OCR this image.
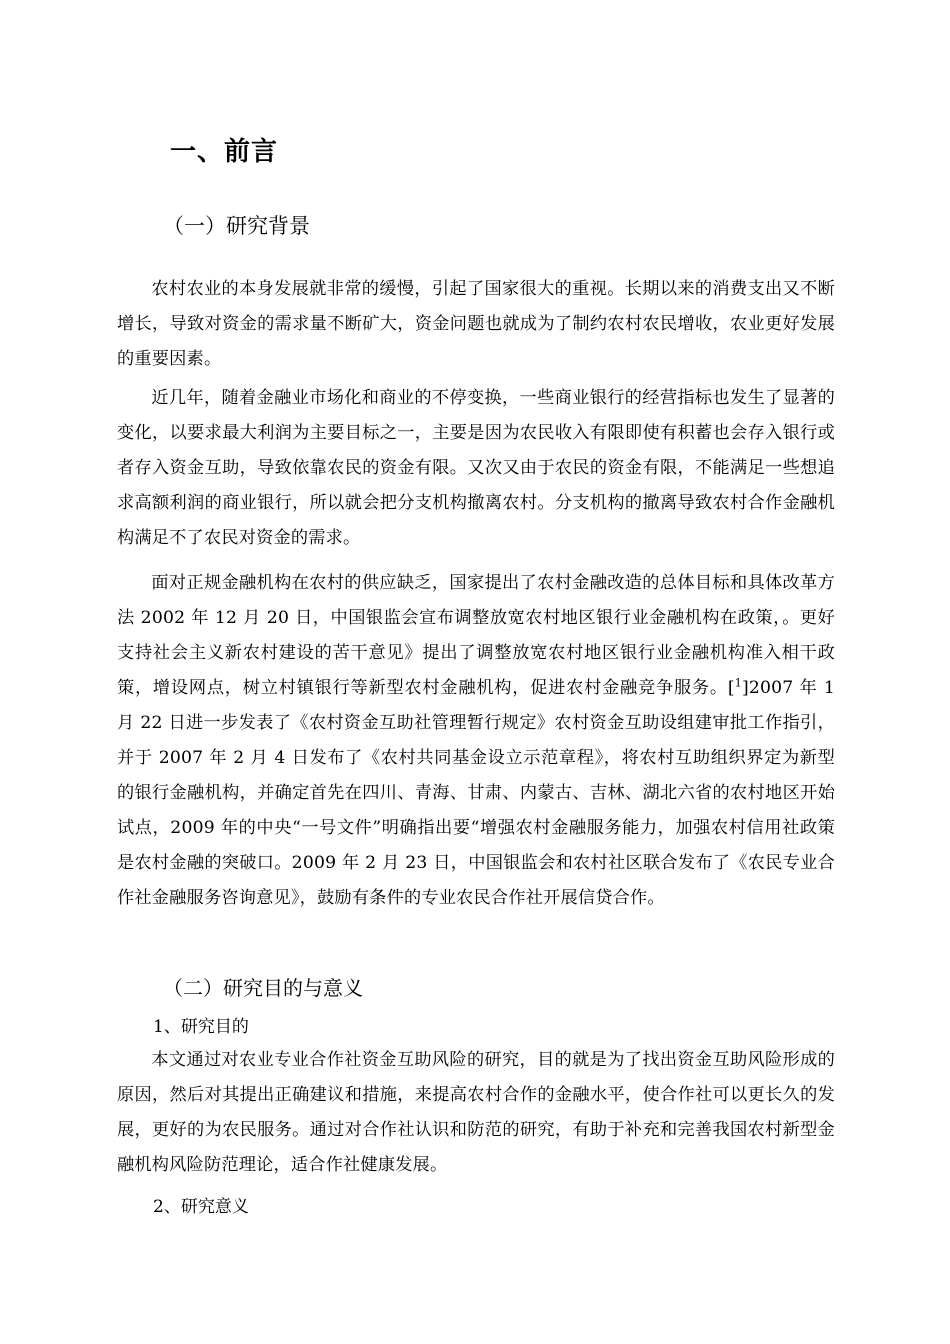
一、前言
（一）研究背景

农村农业的本身发展就非常的缓慢，引起了国家很大的重视。长期以来的消费支出又不断增长，导致对资金的需求量不断矿大，资金问题也就成为了制约农村农民增收，农业更好发展的重要因素。

近几年，随着金融业市场化和商业的不停变换，一些商业银行的经营指标也发生了显著的变化，以要求最大利润为主要目标之一，主要是因为农民收入有限即使有积蓄也会存入银行或者存入资金互助，导致依靠农民的资金有限。又次又由于农民的资金有限，不能满足一些想追求高额利润的商业银行，所以就会把分支机构撤离农村。分支机构的撤离导致农村合作金融机构满足不了农民对资金的需求。

面对正规金融机构在农村的供应缺乏，国家提出了农村金融改造的总体目标和具体改革方法 2002 年 12 月 20 日，中国银监会宣布调整放宽农村地区银行业金融机构在政策，。更好支持社会主义新农村建设的苦干意见》提出了调整放宽农村地区银行业金融机构准入相干政策，增设网点，树立村镇银行等新型农村金融机构，促进农村金融竞争服务。[$^1$]2007 年 1 月 22 日进一步发表了《农村资金互助社管理暂行规定》农村资金互助设组建审批工作指引，并于 2007 年 2 月 4 日发布了《农村共同基金设立示范章程》，将农村互助组织界定为新型的银行金融机构，并确定首先在四川、青海、甘肃、内蒙古、吉林、湖北六省的农村地区开始试点，2009 年的中央“一号文件”明确指出要“增强农村金融服务能力，加强农村信用社政策是农村金融的突破口。2009 年 2 月 23 日，中国银监会和农村社区联合发布了《农民专业合作社金融服务咨询意见》，鼓励有条件的专业农民合作社开展信贷合作。

（二）研究目的与意义
1、研究目的

本文通过对农业专业合作社资金互助风险的研究，目的就是为了找出资金互助风险形成的原因，然后对其提出正确建议和措施，来提高农村合作的金融水平，使合作社可以更长久的发展，更好的为农民服务。通过对合作社认识和防范的研究，有助于补充和完善我国农村新型金融机构风险防范理论，适合作社健康发展。

2、研究意义
